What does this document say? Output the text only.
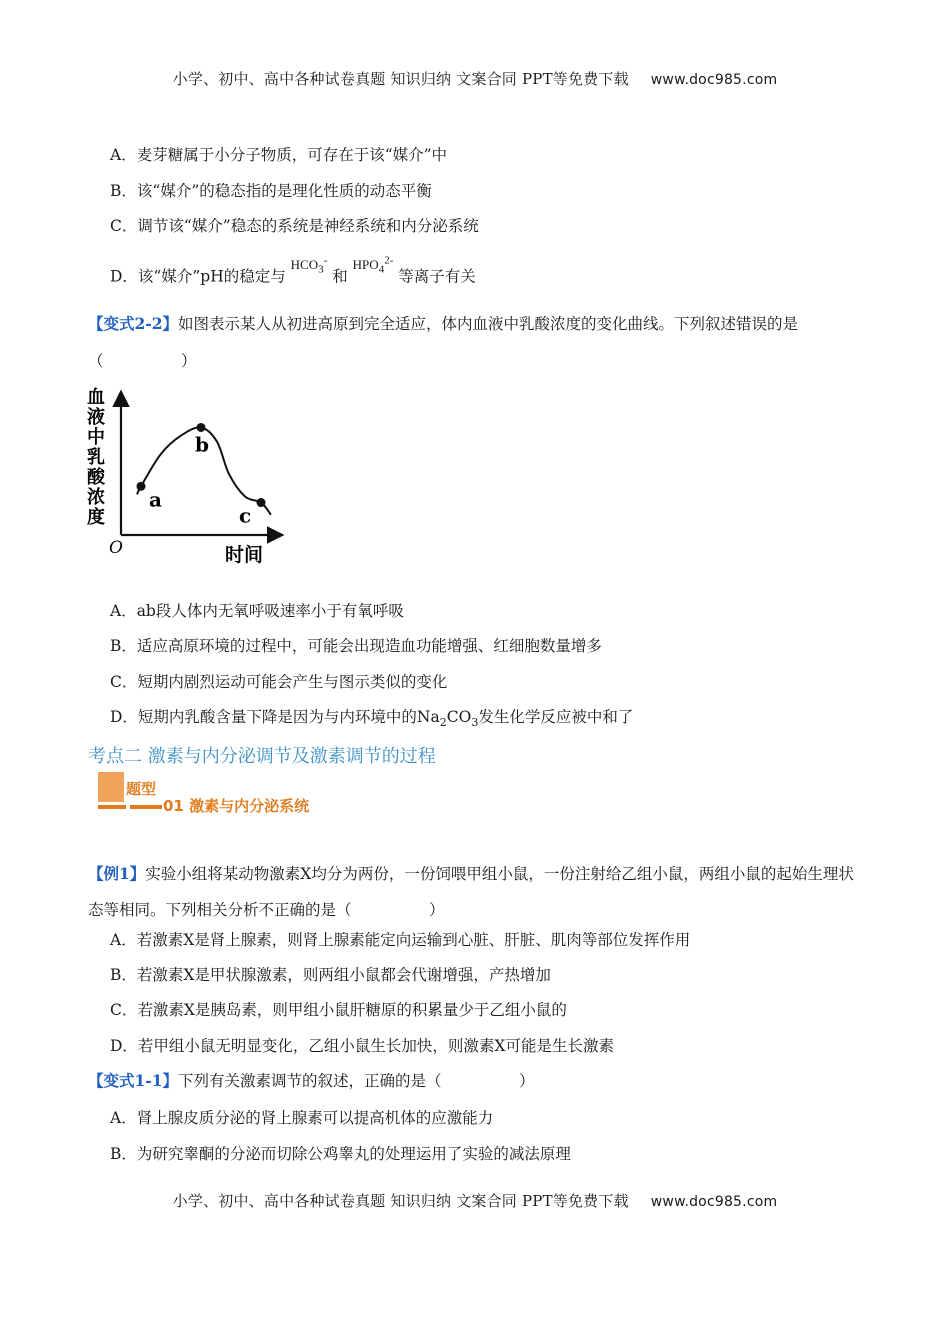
小学、初中、高中各种试卷真题 知识归纳 文案合同 PPT等免费下载 www.doc985.com
A．麦芽糖属于小分子物质，可存在于该“媒介”中
B．该“媒介”的稳态指的是理化性质的动态平衡
C．调节该“媒介”稳态的系统是神经系统和内分泌系统
D．该“媒介”pH的稳定与 $^{HCO_3^-}$ 和 $^{HPO_4^{2-}}$ 等离子有关
【变式2-2】如图表示某人从初进高原到完全适应，体内血液中乳酸浓度的变化曲线。下列叙述错误的是
（　　　　　）
a
b
c
血液中乳酸浓度
O	时间
A．ab段人体内无氧呼吸速率小于有氧呼吸
B．适应高原环境的过程中，可能会出现造血功能增强、红细胞数量增多
C．短期内剧烈运动可能会产生与图示类似的变化
D．短期内乳酸含量下降是因为与内环境中的$Na_2CO_3$发生化学反应被中和了
考点二 激素与内分泌调节及激素调节的过程
题型
01 激素与内分泌系统
【例1】实验小组将某动物激素X均分为两份，一份饲喂甲组小鼠，一份注射给乙组小鼠，两组小鼠的起始生理状态等相同。下列相关分析不正确的是（　　　　　）
A．若激素X是肾上腺素，则肾上腺素能定向运输到心脏、肝脏、肌肉等部位发挥作用
B．若激素X是甲状腺激素，则两组小鼠都会代谢增强，产热增加
C．若激素X是胰岛素，则甲组小鼠肝糖原的积累量少于乙组小鼠的
D．若甲组小鼠无明显变化，乙组小鼠生长加快，则激素X可能是生长激素
【变式1-1】下列有关激素调节的叙述，正确的是（　　　　　）
A．肾上腺皮质分泌的肾上腺素可以提高机体的应激能力
B．为研究睾酮的分泌而切除公鸡睾丸的处理运用了实验的减法原理
小学、初中、高中各种试卷真题 知识归纳 文案合同 PPT等免费下载 www.doc985.com
